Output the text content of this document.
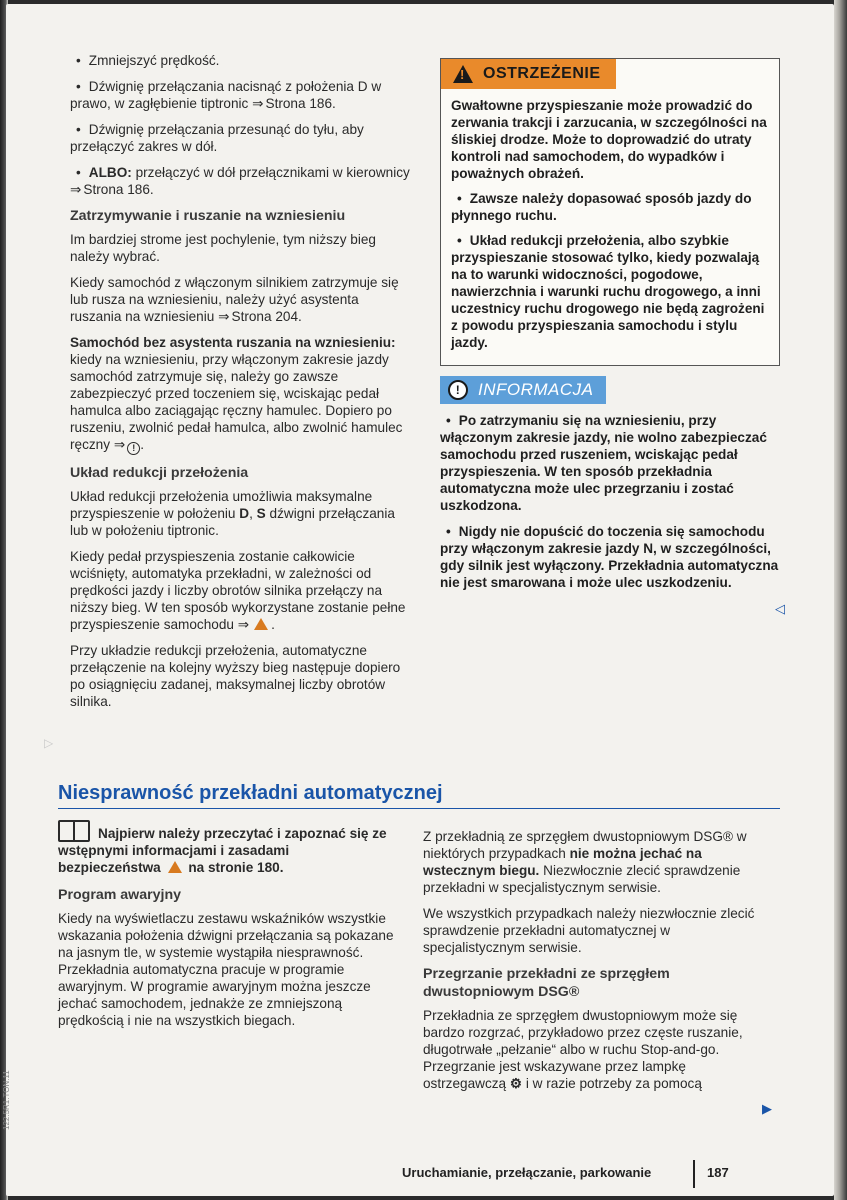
• Zmniejszyć prędkość.

• Dźwignię przełączania nacisnąć z położenia D w prawo, w zagłębienie tiptronic ⇒ Strona 186.

• Dźwignię przełączania przesunąć do tyłu, aby przełączyć zakres w dół.

• ALBO: przełączyć w dół przełącznikami w kierownicy ⇒ Strona 186.

Zatrzymywanie i ruszanie na wzniesieniu

Im bardziej strome jest pochylenie, tym niższy bieg należy wybrać.

Kiedy samochód z włączonym silnikiem zatrzymuje się lub rusza na wzniesieniu, należy użyć asystenta ruszania na wzniesieniu ⇒ Strona 204.

Samochód bez asystenta ruszania na wzniesieniu: kiedy na wzniesieniu, przy włączonym zakresie jazdy samochód zatrzymuje się, należy go zawsze zabezpieczyć przed toczeniem się, wciskając pedał hamulca albo zaciągając ręczny hamulec. Dopiero po ruszeniu, zwolnić pedał hamulca, albo zwolnić hamulec ręczny ⇒ ! .

Układ redukcji przełożenia

Układ redukcji przełożenia umożliwia maksymalne przyspieszenie w położeniu D, S dźwigni przełączania lub w położeniu tiptronic.

Kiedy pedał przyspieszenia zostanie całkowicie wciśnięty, automatyka przekładni, w zależności od prędkości jazdy i liczby obrotów silnika przełączy na niższy bieg. W ten sposób wykorzystane zostanie pełne przyspieszenie samochodu ⇒	.

Przy układzie redukcji przełożenia, automatyczne przełączenie na kolejny wyższy bieg następuje dopiero po osiągnięciu zadanej, maksymalnej liczby obrotów silnika.

!
OSTRZEŻENIE

Gwałtowne przyspieszanie może prowadzić do zerwania trakcji i zarzucania, w szczególności na śliskiej drodze. Może to doprowadzić do utraty kontroli nad samochodem, do wypadków i poważnych obrażeń.

• Zawsze należy dopasować sposób jazdy do płynnego ruchu.

• Układ redukcji przełożenia, albo szybkie przyspieszanie stosować tylko, kiedy pozwalają na to warunki widoczności, pogodowe, nawierzchnia i warunki ruchu drogowego, a inni uczestnicy ruchu drogowego nie będą zagrożeni z powodu przyspieszania samochodu i stylu jazdy.

!	INFORMACJA

• Po zatrzymaniu się na wzniesieniu, przy włączonym zakresie jazdy, nie wolno zabezpieczać samochodu przed ruszeniem, wciskając pedał przyspieszenia. W ten sposób przekładnia automatyczna może ulec przegrzaniu i zostać uszkodzona.

• Nigdy nie dopuścić do toczenia się samochodu przy włączonym zakresie jazdy N, w szczególności, gdy silnik jest wyłączony. Przekładnia automatyczna nie jest smarowana i może ulec uszkodzeniu.

◁
▷
Niesprawność przekładni automatycznej

Najpierw należy przeczytać i zapoznać się ze wstępnymi informacjami i zasadami bezpieczeństwa na stronie 180.

Program awaryjny

Kiedy na wyświetlaczu zestawu wskaźników wszystkie wskazania położenia dźwigni przełączania są pokazane na jasnym tle, w systemie wystąpiła niesprawność. Przekładnia automatyczna pracuje w programie awaryjnym. W programie awaryjnym można jeszcze jechać samochodem, jednakże ze zmniejszoną prędkością i nie na wszystkich biegach.

Z przekładnią ze sprzęgłem dwustopniowym DSG® w niektórych przypadkach nie można jechać na wstecznym biegu. Niezwłocznie zlecić sprawdzenie przekładni w specjalistycznym serwisie.

We wszystkich przypadkach należy niezwłocznie zlecić sprawdzenie przekładni automatycznej w specjalistycznym serwisie.

Przegrzanie przekładni ze sprzęgłem dwustopniowym DSG®

Przekładnia ze sprzęgłem dwustopniowym może się bardzo rozgrzać, przykładowo przez częste ruszanie, długotrwałe „pełzanie“ albo w ruchu Stop-and-go. Przegrzanie jest wskazywane przez lampkę ostrzegawczą ⚙ i w razie potrzeby za pomocą

▶
Uruchamianie, przełączanie, parkowanie	187
122.5R1.TON.11
